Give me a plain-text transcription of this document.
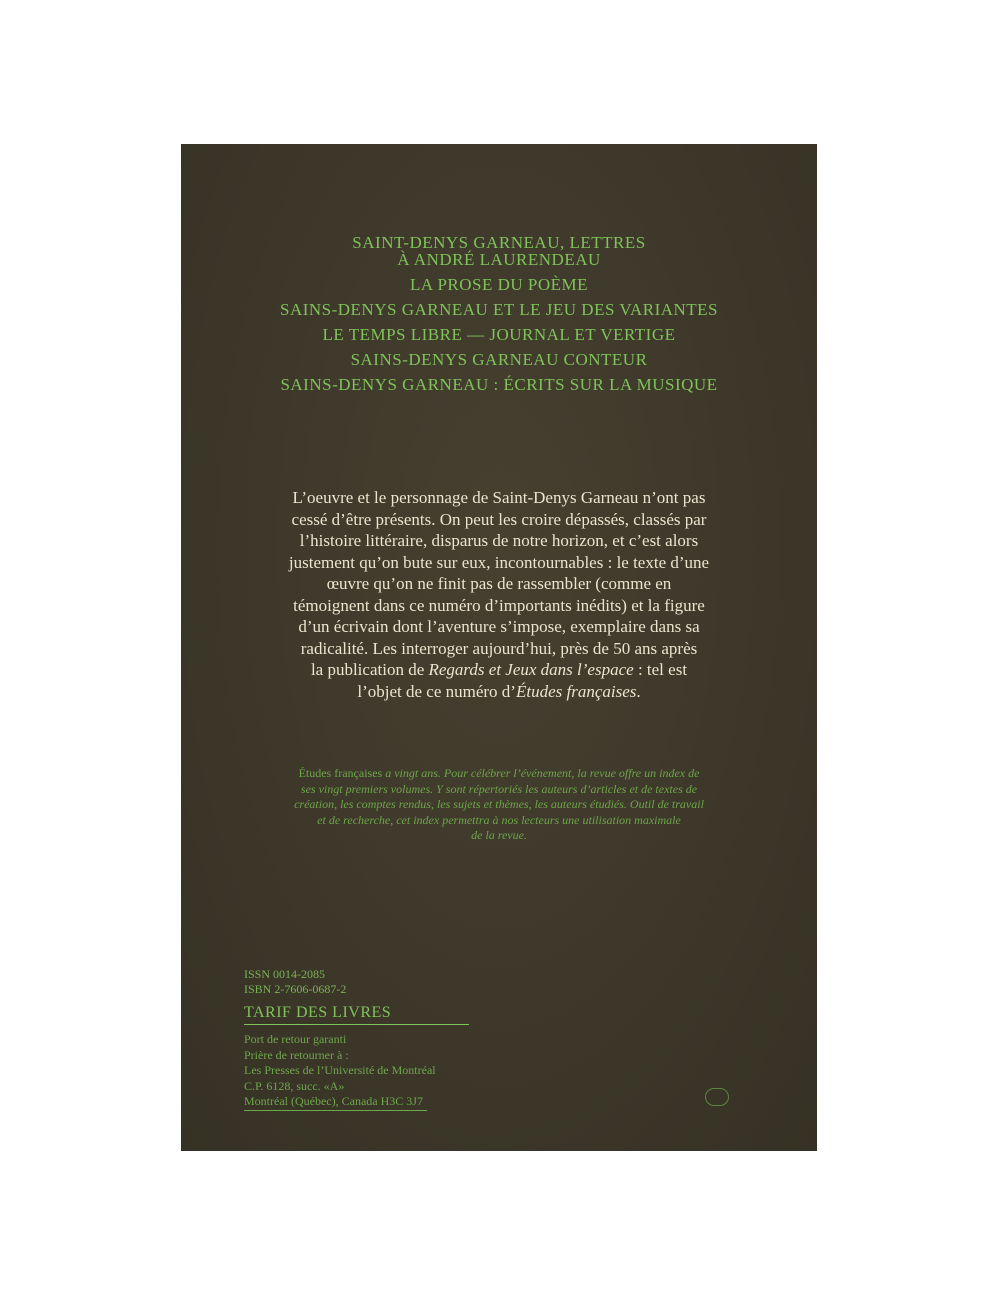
SAINT-DENYS GARNEAU, LETTRES
À ANDRÉ LAURENDEAU
LA PROSE DU POÈME
SAINS-DENYS GARNEAU ET LE JEU DES VARIANTES
LE TEMPS LIBRE — JOURNAL ET VERTIGE
SAINS-DENYS GARNEAU CONTEUR
SAINS-DENYS GARNEAU : ÉCRITS SUR LA MUSIQUE
L’oeuvre et le personnage de Saint-Denys Garneau n’ont pas
cessé d’être présents. On peut les croire dépassés, classés par
l’histoire littéraire, disparus de notre horizon, et c’est alors
justement qu’on bute sur eux, incontournables : le texte d’une
œuvre qu’on ne finit pas de rassembler (comme en
témoignent dans ce numéro d’importants inédits) et la figure
d’un écrivain dont l’aventure s’impose, exemplaire dans sa
radicalité. Les interroger aujourd’hui, près de 50 ans après
la publication de Regards et Jeux dans l’espace : tel est
l’objet de ce numéro d’Études françaises.
Études françaises a vingt ans. Pour célébrer l’événement, la revue offre un index de
ses vingt premiers volumes. Y sont répertoriés les auteurs d’articles et de textes de
création, les comptes rendus, les sujets et thèmes, les auteurs étudiés. Outil de travail
et de recherche, cet index permettra à nos lecteurs une utilisation maximale
de la revue.
ISSN 0014-2085
ISBN 2-7606-0687-2
TARIF DES LIVRES
Port de retour garanti
Prière de retourner à :
Les Presses de l’Université de Montréal
C.P. 6128, succ. «A»
Montréal (Québec), Canada H3C 3J7
